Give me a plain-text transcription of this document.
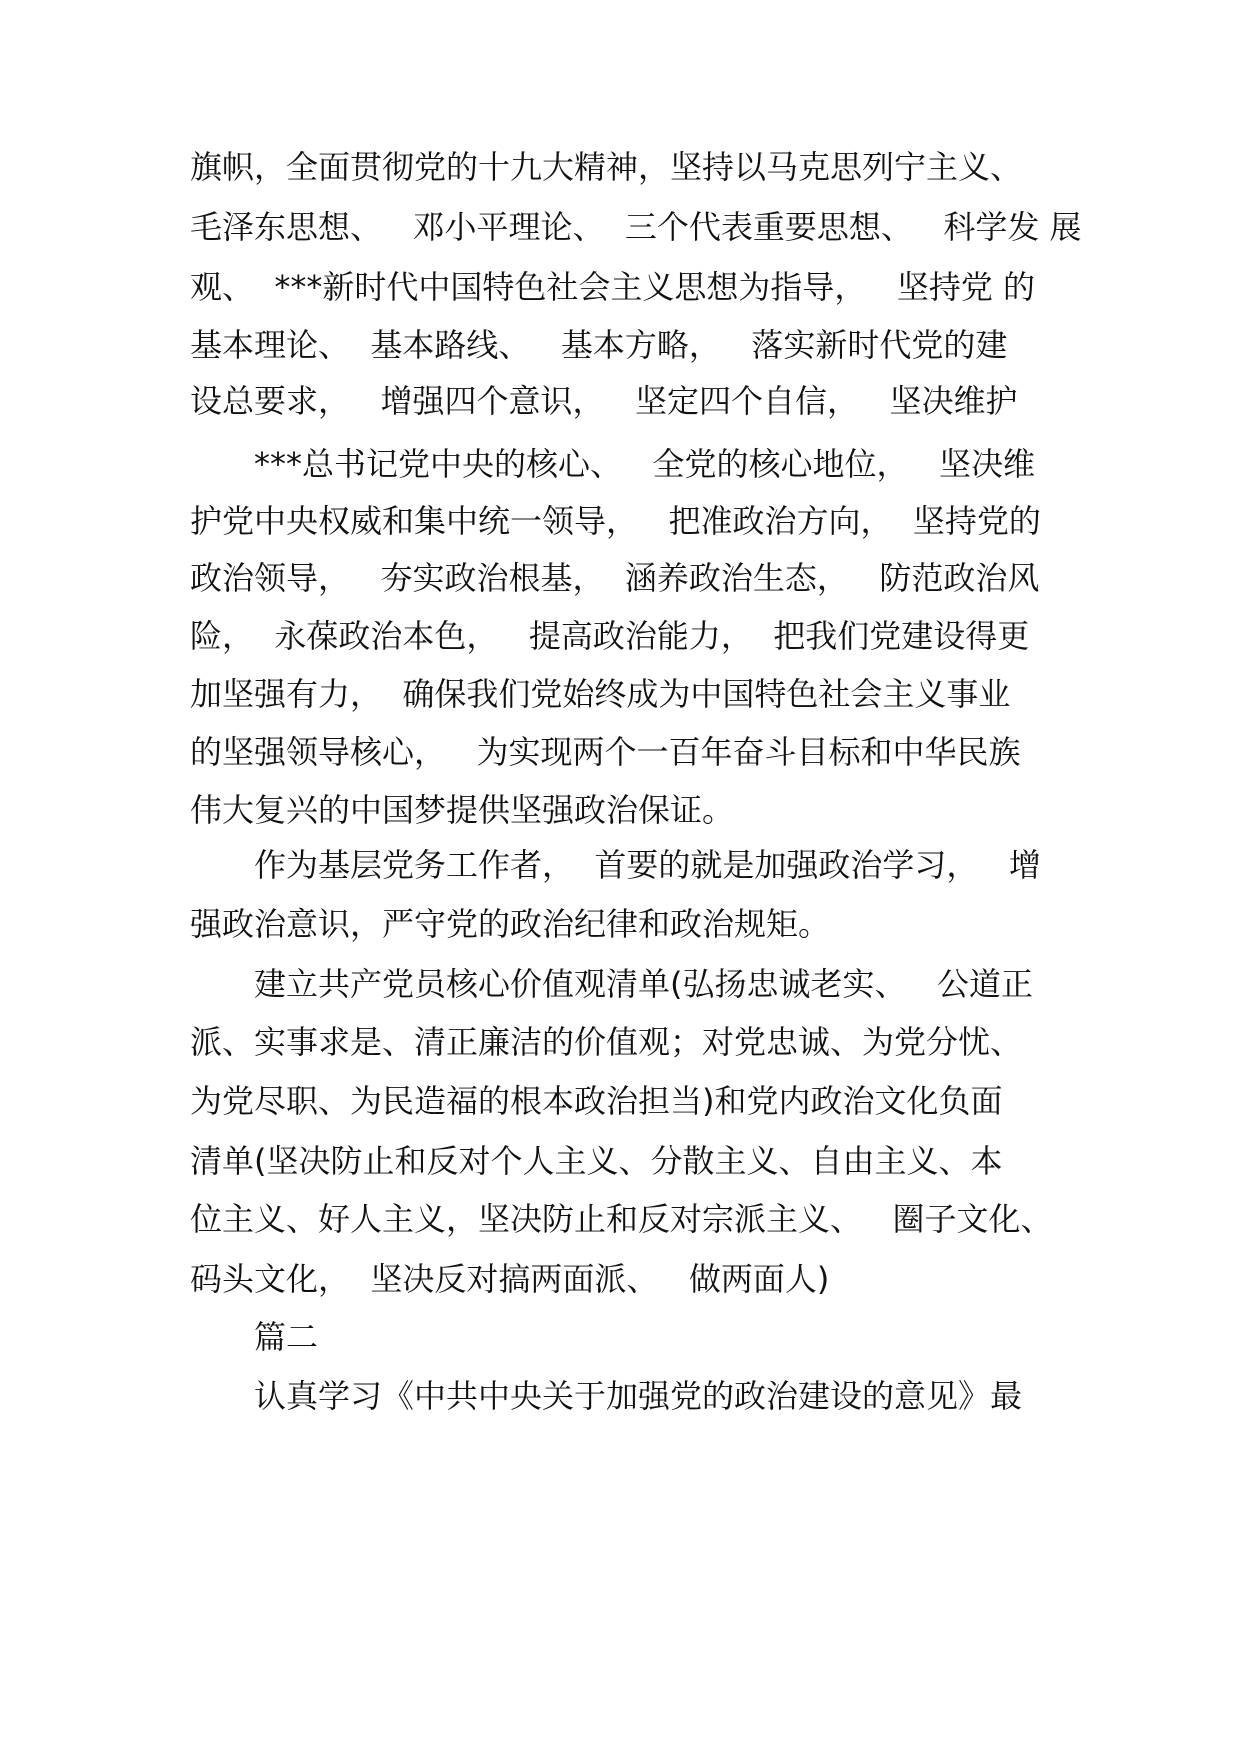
旗帜，全面贯彻党的十九大精神，坚持以马克思列宁主义、
毛泽东思想、   邓小平理论、  三个代表重要思想、   科学发 展
观、  ***新时代中国特色社会主义思想为指导，   坚持党 的
基本理论、  基本路线、   基本方略，   落实新时代党的建
设总要求，   增强四个意识，   坚定四个自信，   坚决维护
***总书记党中央的核心、   全党的核心地位，   坚决维
护党中央权威和集中统一领导，   把准政治方向，  坚持党的
政治领导，   夯实政治根基，  涵养政治生态，   防范政治风
险，  永葆政治本色，   提高政治能力，  把我们党建设得更
加坚强有力，  确保我们党始终成为中国特色社会主义事业
的坚强领导核心，   为实现两个一百年奋斗目标和中华民族
伟大复兴的中国梦提供坚强政治保证。
作为基层党务工作者，  首要的就是加强政治学习，   增
强政治意识，严守党的政治纪律和政治规矩。
建立共产党员核心价值观清单(弘扬忠诚老实、   公道正
派、实事求是、清正廉洁的价值观；对党忠诚、为党分忧、
为党尽职、为民造福的根本政治担当)和党内政治文化负面
清单(坚决防止和反对个人主义、分散主义、自由主义、本
位主义、好人主义，坚决防止和反对宗派主义、   圈子文化、
码头文化，  坚决反对搞两面派、   做两面人)
篇二
认真学习《中共中央关于加强党的政治建设的意见》最
